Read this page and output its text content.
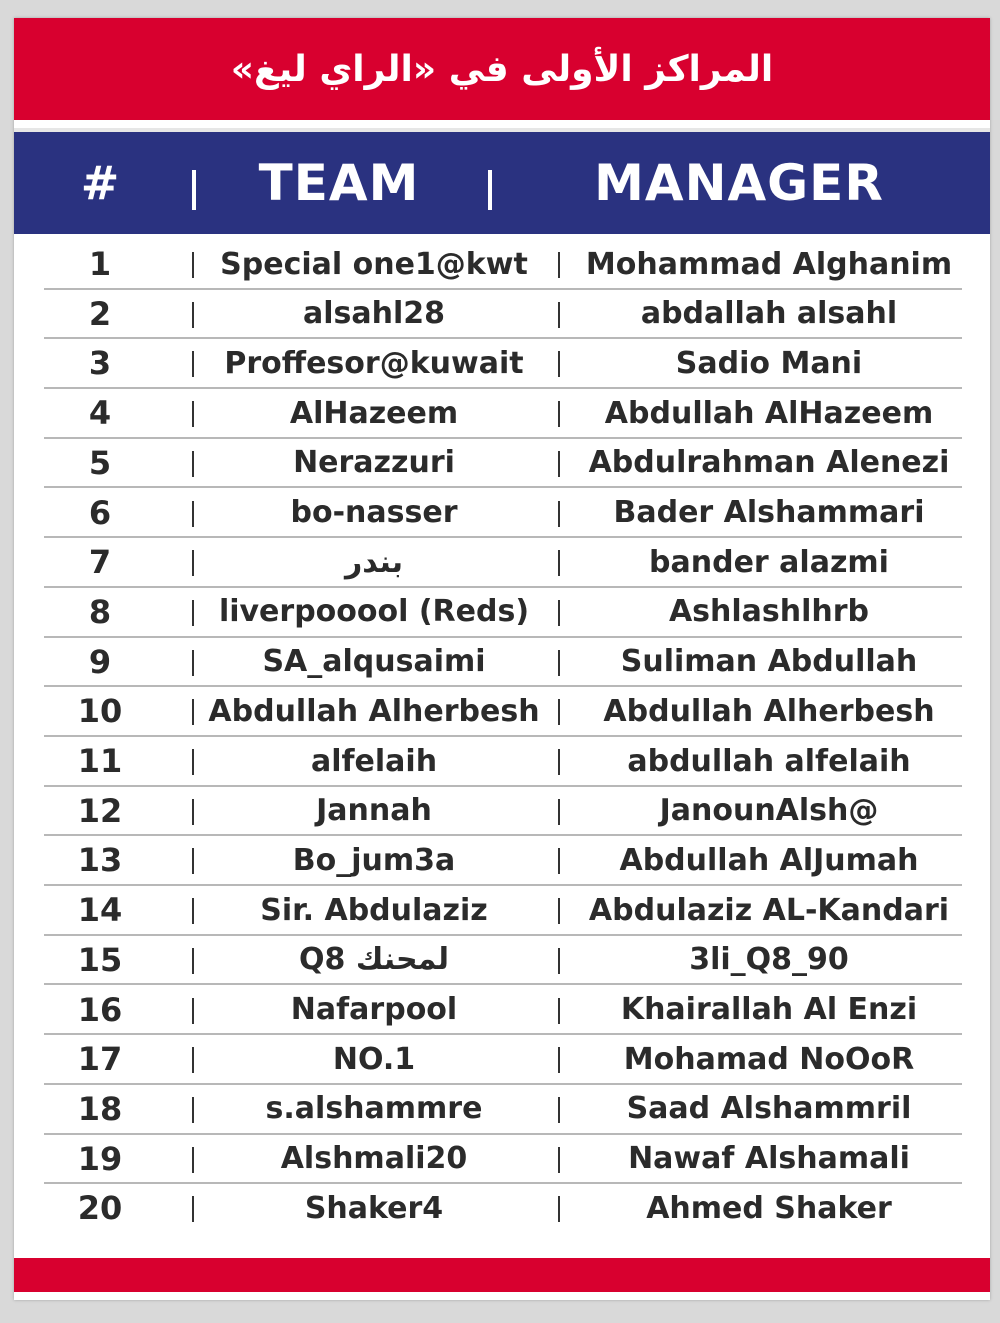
المراكز الأولى في «الراي ليغ»
#	TEAM	MANAGER
1	Special one1@kwt	Mohammad Alghanim
2	alsahl28	abdallah alsahl
3	Proffesor@kuwait	Sadio Mani
4	AlHazeem	Abdullah AlHazeem
5	Nerazzuri	Abdulrahman Alenezi
6	bo-nasser	Bader Alshammari
7	بندر	bander alazmi
8	liverpooool (Reds)	Ashlashlhrb
9	SA_alqusaimi	Suliman Abdullah
10	Abdullah Alherbesh	Abdullah Alherbesh
11	alfelaih	abdullah alfelaih
12	Jannah	JanounAlsh@
13	Bo_jum3a	Abdullah AlJumah
14	Sir. Abdulaziz	Abdulaziz AL-Kandari
15	Q8 لمحنك	3li_Q8_90
16	Nafarpool	Khairallah Al Enzi
17	NO.1	Mohamad NoOoR
18	s.alshammre	Saad Alshammril
19	Alshmali20	Nawaf Alshamali
20	Shaker4	Ahmed Shaker
